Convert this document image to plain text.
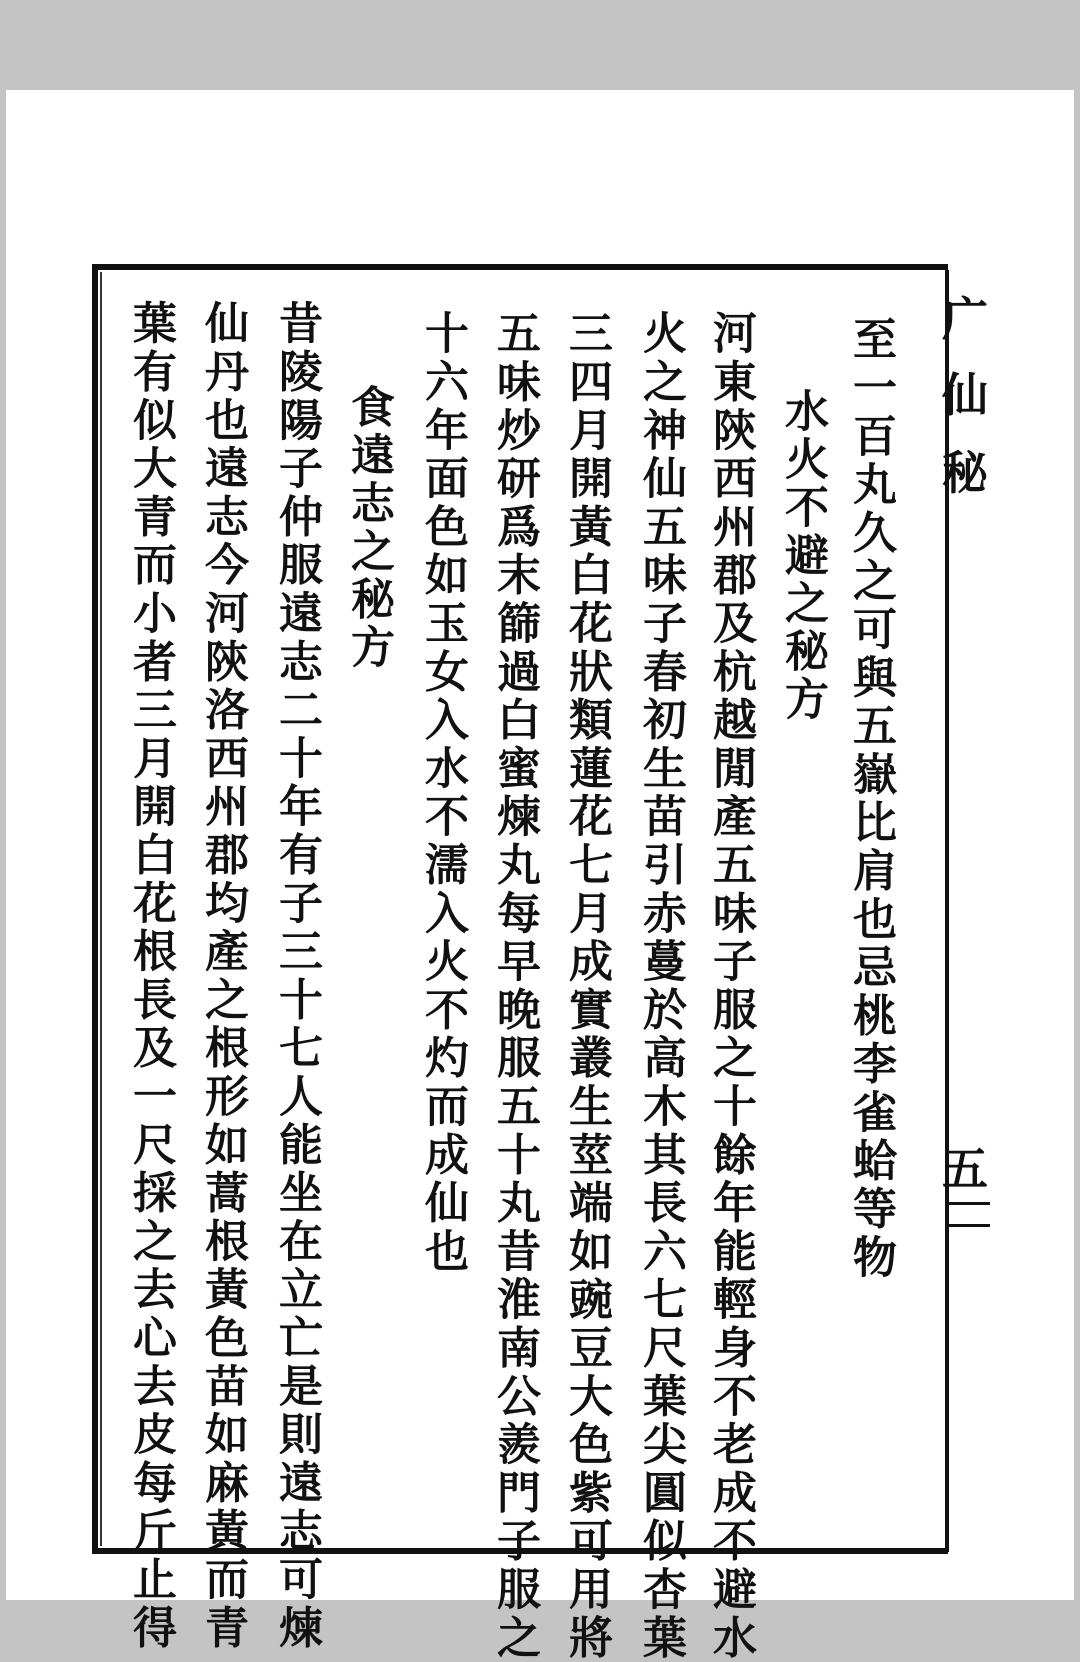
广
仙
秘
五
至一百丸久之可與五嶽比肩也忌桃李雀蛤等物
水火不避之秘方
河東陝西州郡及杭越閒產五味子服之十餘年能輕身不老成不避水
火之神仙五味子春初生苗引赤蔓於高木其長六七尺葉尖圓似杏葉
三四月開黃白花狀類蓮花七月成實叢生莖端如豌豆大色紫可用將
五味炒研爲末篩過白蜜煉丸每早晚服五十丸昔淮南公羨門子服之
十六年面色如玉女入水不濡入火不灼而成仙也
食遠志之秘方
昔陵陽子仲服遠志二十年有子三十七人能坐在立亡是則遠志可煉
仙丹也遠志今河陝洛西州郡均產之根形如蒿根黃色苗如麻黃而青
葉有似大青而小者三月開白花根長及一尺採之去心去皮每斤止得
